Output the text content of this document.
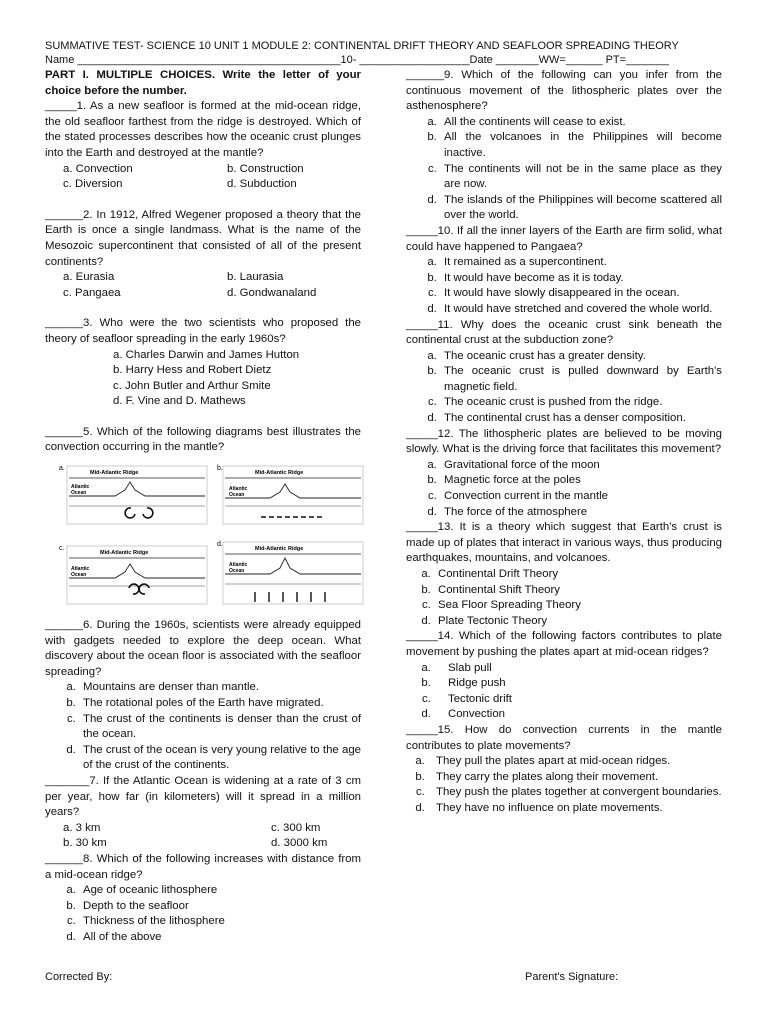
SUMMATIVE TEST- SCIENCE 10 UNIT 1 MODULE 2: CONTINENTAL DRIFT THEORY AND SEAFLOOR SPREADING THEORY
Name ___________________________________________10- __________________Date _______WW=______ PT=_______

PART I. MULTIPLE CHOICES. Write the letter of your choice before the number.

_____1. As a new seafloor is formed at the mid-ocean ridge, the old seafloor farthest from the ridge is destroyed. Which of the stated processes describes how the oceanic crust plunges into the Earth and destroyed at the mantle?

a. Convection	b. Construction
c. Diversion	d. Subduction

______2. In 1912, Alfred Wegener proposed a theory that the Earth is once a single landmass. What is the name of the Mesozoic supercontinent that consisted of all of the present continents?

a. Eurasia	b. Laurasia
c. Pangaea	d. Gondwanaland

______3. Who were the two scientists who proposed the theory of seafloor spreading in the early 1960s?

a. Charles Darwin and James Hutton
b. Harry Hess and Robert Dietz
c. John Butler and Arthur Smite
d. F. Vine and D. Mathews

______5. Which of the following diagrams best illustrates the convection occurring in the mantle?

a.
Mid-Atlantic Ridge
Atlantic
Ocean
b.
Mid-Atlantic Ridge
Atlantic
Ocean
c.
Mid-Atlantic Ridge
Atlantic
Ocean
d.
Mid-Atlantic Ridge
Atlantic
Ocean

______6. During the 1960s, scientists were already equipped with gadgets needed to explore the deep ocean. What discovery about the ocean floor is associated with the seafloor spreading?

a. Mountains are denser than mantle.
b. The rotational poles of the Earth have migrated.
c. The crust of the continents is denser than the crust of the ocean.
d. The crust of the ocean is very young relative to the age of the crust of the continents.

_______7. If the Atlantic Ocean is widening at a rate of 3 cm per year, how far (in kilometers) will it spread in a million years?

a. 3 km	c. 300 km
b. 30 km	d. 3000 km

______8. Which of the following increases with distance from a mid-ocean ridge?

a. Age of oceanic lithosphere
b. Depth to the seafloor
c. Thickness of the lithosphere
d. All of the above

______9. Which of the following can you infer from the continuous movement of the lithospheric plates over the asthenosphere?

a. All the continents will cease to exist.
b. All the volcanoes in the Philippines will become inactive.
c. The continents will not be in the same place as they are now.
d. The islands of the Philippines will become scattered all over the world.

_____10. If all the inner layers of the Earth are firm solid, what could have happened to Pangaea?

a. It remained as a supercontinent.
b. It would have become as it is today.
c. It would have slowly disappeared in the ocean.
d. It would have stretched and covered the whole world.

_____11. Why does the oceanic crust sink beneath the continental crust at the subduction zone?

a. The oceanic crust has a greater density.
b. The oceanic crust is pulled downward by Earth's magnetic field.
c. The oceanic crust is pushed from the ridge.
d. The continental crust has a denser composition.

_____12. The lithospheric plates are believed to be moving slowly. What is the driving force that facilitates this movement?

a. Gravitational force of the moon
b. Magnetic force at the poles
c. Convection current in the mantle
d. The force of the atmosphere

_____13. It is a theory which suggest that Earth's crust is made up of plates that interact in various ways, thus producing earthquakes, mountains, and volcanoes.

a. Continental Drift Theory
b. Continental Shift Theory
c. Sea Floor Spreading Theory
d. Plate Tectonic Theory

_____14. Which of the following factors contributes to plate movement by pushing the plates apart at mid-ocean ridges?

a. Slab pull
b. Ridge push
c. Tectonic drift
d. Convection

_____15. How do convection currents in the mantle contributes to plate movements?

a. They pull the plates apart at mid-ocean ridges.
b. They carry the plates along their movement.
c. They push the plates together at convergent boundaries.
d. They have no influence on plate movements.
Corrected By:	Parent's Signature:
